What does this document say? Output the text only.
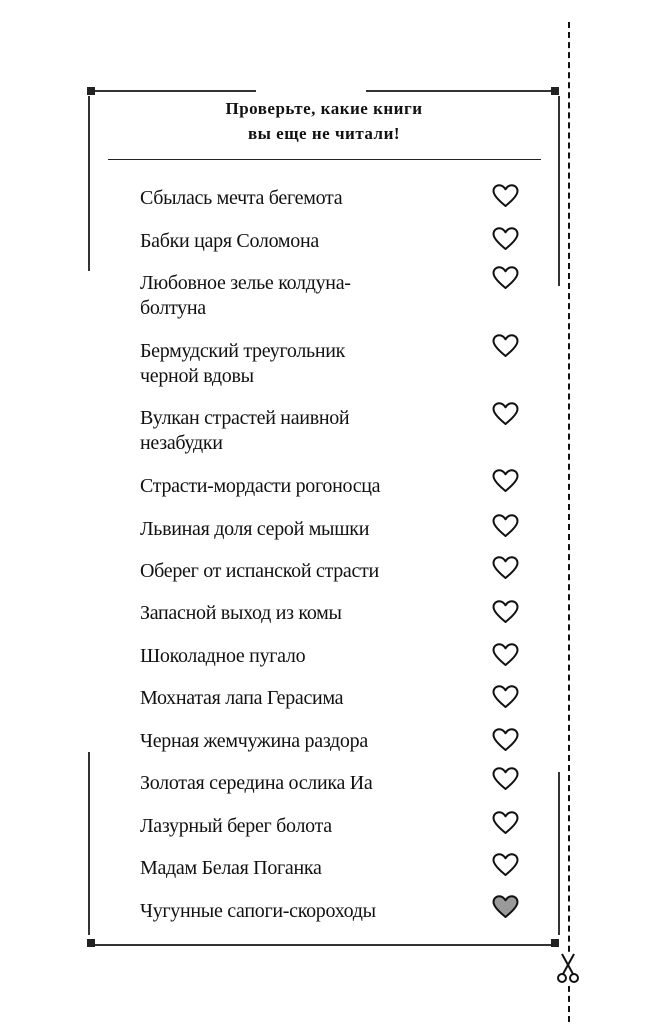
Проверьте, какие книги
вы еще не читали!
Сбылась мечта бегемота
Бабки царя Соломона
Любовное зелье колдуна-
болтуна
Бермудский треугольник
черной вдовы
Вулкан страстей наивной
незабудки
Страсти-мордасти рогоносца
Львиная доля серой мышки
Оберег от испанской страсти
Запасной выход из комы
Шоколадное пугало
Мохнатая лапа Герасима
Черная жемчужина раздора
Золотая середина ослика Иа
Лазурный берег болота
Мадам Белая Поганка
Чугунные сапоги-скороходы
